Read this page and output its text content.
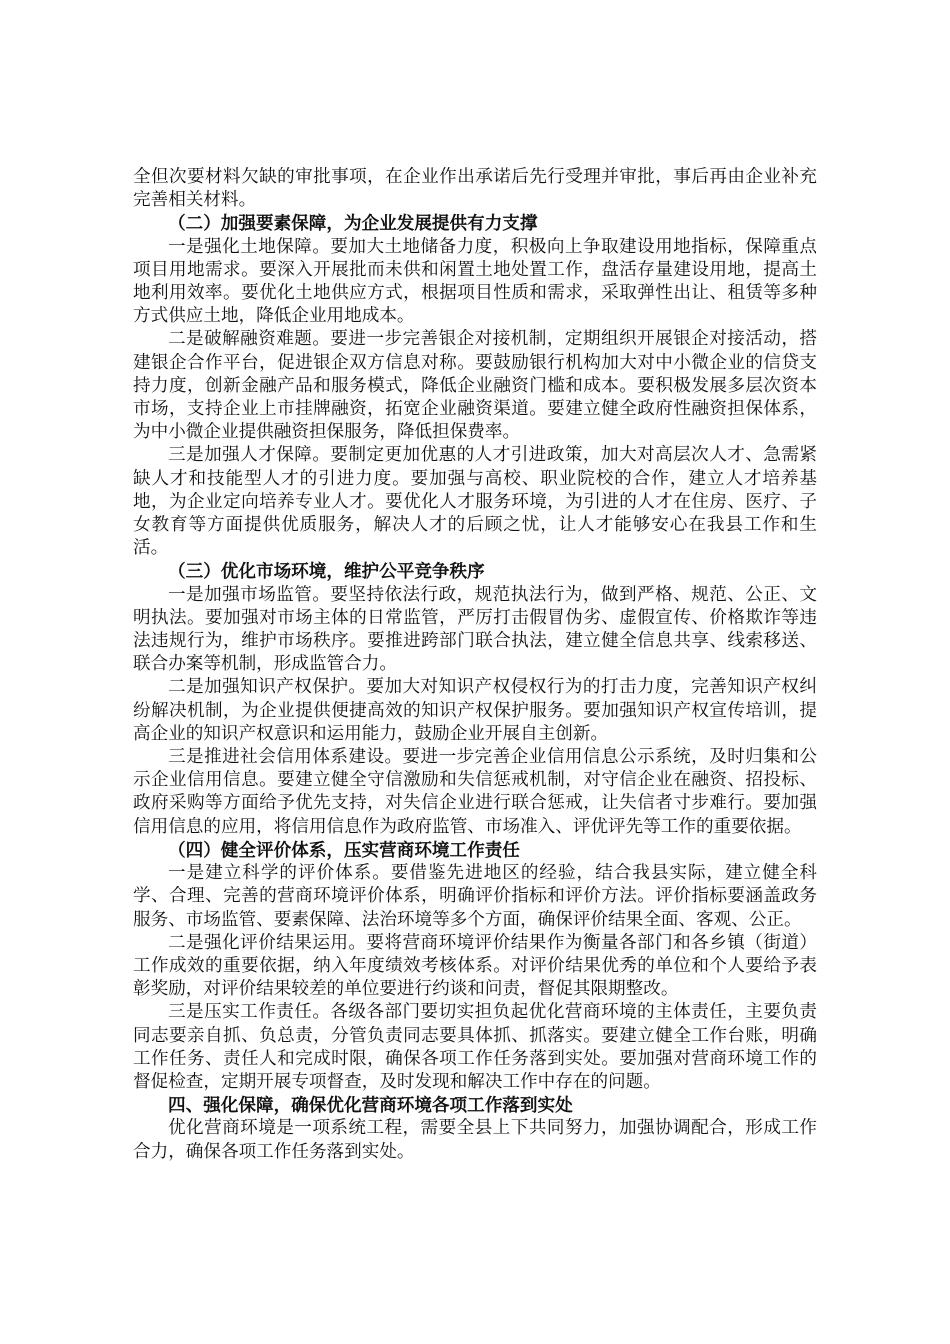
全但次要材料欠缺的审批事项，在企业作出承诺后先行受理并审批，事后再由企业补充完善相关材料。

（二）加强要素保障，为企业发展提供有力支撑

一是强化土地保障。要加大土地储备力度，积极向上争取建设用地指标，保障重点项目用地需求。要深入开展批而未供和闲置土地处置工作，盘活存量建设用地，提高土地利用效率。要优化土地供应方式，根据项目性质和需求，采取弹性出让、租赁等多种方式供应土地，降低企业用地成本。

二是破解融资难题。要进一步完善银企对接机制，定期组织开展银企对接活动，搭建银企合作平台，促进银企双方信息对称。要鼓励银行机构加大对中小微企业的信贷支持力度，创新金融产品和服务模式，降低企业融资门槛和成本。要积极发展多层次资本市场，支持企业上市挂牌融资，拓宽企业融资渠道。要建立健全政府性融资担保体系，为中小微企业提供融资担保服务，降低担保费率。

三是加强人才保障。要制定更加优惠的人才引进政策，加大对高层次人才、急需紧缺人才和技能型人才的引进力度。要加强与高校、职业院校的合作，建立人才培养基地，为企业定向培养专业人才。要优化人才服务环境，为引进的人才在住房、医疗、子女教育等方面提供优质服务，解决人才的后顾之忧，让人才能够安心在我县工作和生活。

（三）优化市场环境，维护公平竞争秩序

一是加强市场监管。要坚持依法行政，规范执法行为，做到严格、规范、公正、文明执法。要加强对市场主体的日常监管，严厉打击假冒伪劣、虚假宣传、价格欺诈等违法违规行为，维护市场秩序。要推进跨部门联合执法，建立健全信息共享、线索移送、联合办案等机制，形成监管合力。

二是加强知识产权保护。要加大对知识产权侵权行为的打击力度，完善知识产权纠纷解决机制，为企业提供便捷高效的知识产权保护服务。要加强知识产权宣传培训，提高企业的知识产权意识和运用能力，鼓励企业开展自主创新。

三是推进社会信用体系建设。要进一步完善企业信用信息公示系统，及时归集和公示企业信用信息。要建立健全守信激励和失信惩戒机制，对守信企业在融资、招投标、政府采购等方面给予优先支持，对失信企业进行联合惩戒，让失信者寸步难行。要加强信用信息的应用，将信用信息作为政府监管、市场准入、评优评先等工作的重要依据。

（四）健全评价体系，压实营商环境工作责任

一是建立科学的评价体系。要借鉴先进地区的经验，结合我县实际，建立健全科学、合理、完善的营商环境评价体系，明确评价指标和评价方法。评价指标要涵盖政务服务、市场监管、要素保障、法治环境等多个方面，确保评价结果全面、客观、公正。

二是强化评价结果运用。要将营商环境评价结果作为衡量各部门和各乡镇（街道）工作成效的重要依据，纳入年度绩效考核体系。对评价结果优秀的单位和个人要给予表彰奖励，对评价结果较差的单位要进行约谈和问责，督促其限期整改。

三是压实工作责任。各级各部门要切实担负起优化营商环境的主体责任，主要负责同志要亲自抓、负总责，分管负责同志要具体抓、抓落实。要建立健全工作台账，明确工作任务、责任人和完成时限，确保各项工作任务落到实处。要加强对营商环境工作的督促检查，定期开展专项督查，及时发现和解决工作中存在的问题。

四、强化保障，确保优化营商环境各项工作落到实处

优化营商环境是一项系统工程，需要全县上下共同努力，加强协调配合，形成工作合力，确保各项工作任务落到实处。
